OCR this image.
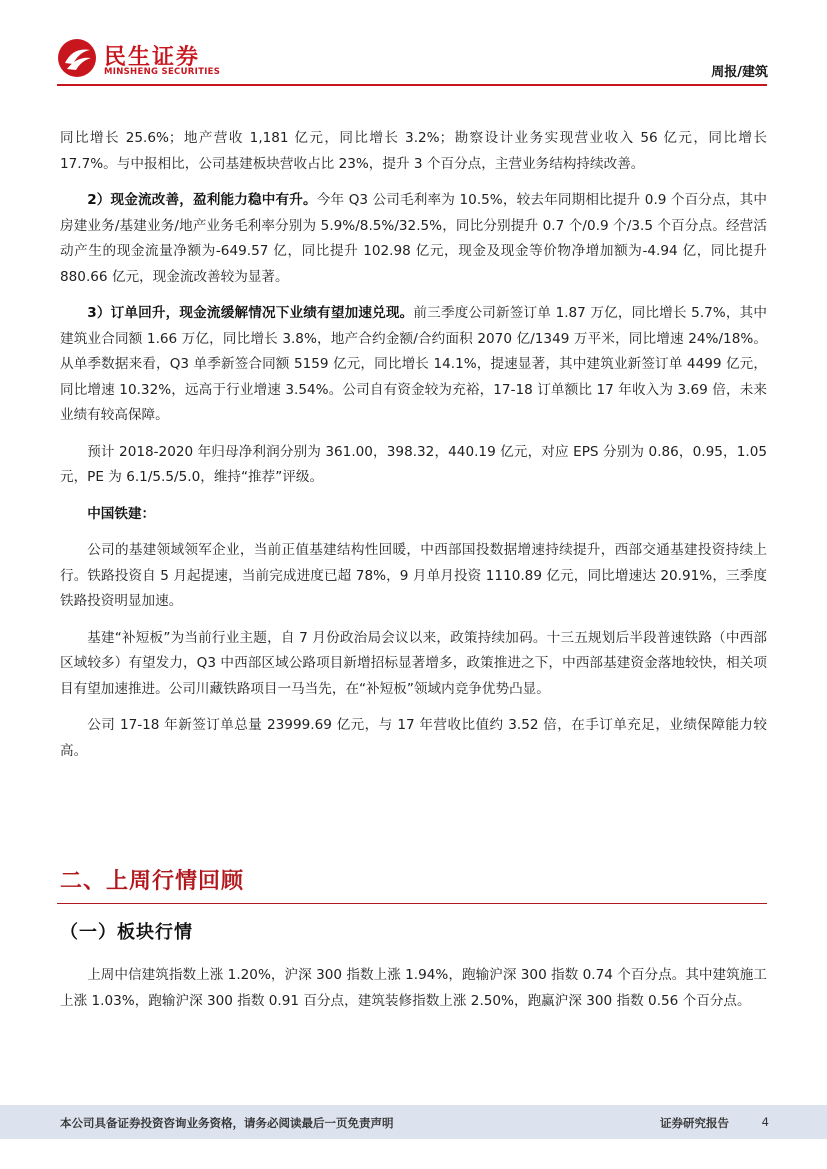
民生证券
MINSHENG SECURITIES	周报/建筑

同比增长 25.6%；地产营收 1,181 亿元，同比增长 3.2%；勘察设计业务实现营业收入 56 亿元，同比增长 17.7%。与中报相比，公司基建板块营收占比 23%，提升 3 个百分点，主营业务结构持续改善。

2）现金流改善，盈利能力稳中有升。今年 Q3 公司毛利率为 10.5%，较去年同期相比提升 0.9 个百分点，其中房建业务/基建业务/地产业务毛利率分别为 5.9%/8.5%/32.5%，同比分别提升 0.7 个/0.9 个/3.5 个百分点。经营活动产生的现金流量净额为-649.57 亿，同比提升 102.98 亿元，现金及现金等价物净增加额为-4.94 亿，同比提升 880.66 亿元，现金流改善较为显著。

3）订单回升，现金流缓解情况下业绩有望加速兑现。前三季度公司新签订单 1.87 万亿，同比增长 5.7%，其中建筑业合同额 1.66 万亿，同比增长 3.8%，地产合约金额/合约面积 2070 亿/1349 万平米，同比增速 24%/18%。从单季数据来看，Q3 单季新签合同额 5159 亿元，同比增长 14.1%，提速显著，其中建筑业新签订单 4499 亿元，同比增速 10.32%，远高于行业增速 3.54%。公司自有资金较为充裕，17-18 订单额比 17 年收入为 3.69 倍，未来业绩有较高保障。

预计 2018-2020 年归母净利润分别为 361.00，398.32，440.19 亿元，对应 EPS 分别为 0.86，0.95，1.05 元，PE 为 6.1/5.5/5.0，维持“推荐”评级。

中国铁建：

公司的基建领域领军企业，当前正值基建结构性回暖，中西部国投数据增速持续提升，西部交通基建投资持续上行。铁路投资自 5 月起提速，当前完成进度已超 78%，9 月单月投资 1110.89 亿元，同比增速达 20.91%，三季度铁路投资明显加速。

基建“补短板”为当前行业主题，自 7 月份政治局会议以来，政策持续加码。十三五规划后半段普速铁路（中西部区域较多）有望发力，Q3 中西部区域公路项目新增招标显著增多，政策推进之下，中西部基建资金落地较快，相关项目有望加速推进。公司川藏铁路项目一马当先，在“补短板”领域内竞争优势凸显。

公司 17-18 年新签订单总量 23999.69 亿元，与 17 年营收比值约 3.52 倍，在手订单充足，业绩保障能力较高。

二、上周行情回顾
（一）板块行情

上周中信建筑指数上涨 1.20%，沪深 300 指数上涨 1.94%，跑输沪深 300 指数 0.74 个百分点。其中建筑施工上涨 1.03%，跑输沪深 300 指数 0.91 百分点，建筑装修指数上涨 2.50%，跑赢沪深 300 指数 0.56 个百分点。

本公司具备证券投资咨询业务资格，请务必阅读最后一页免责声明	证券研究报告	4
